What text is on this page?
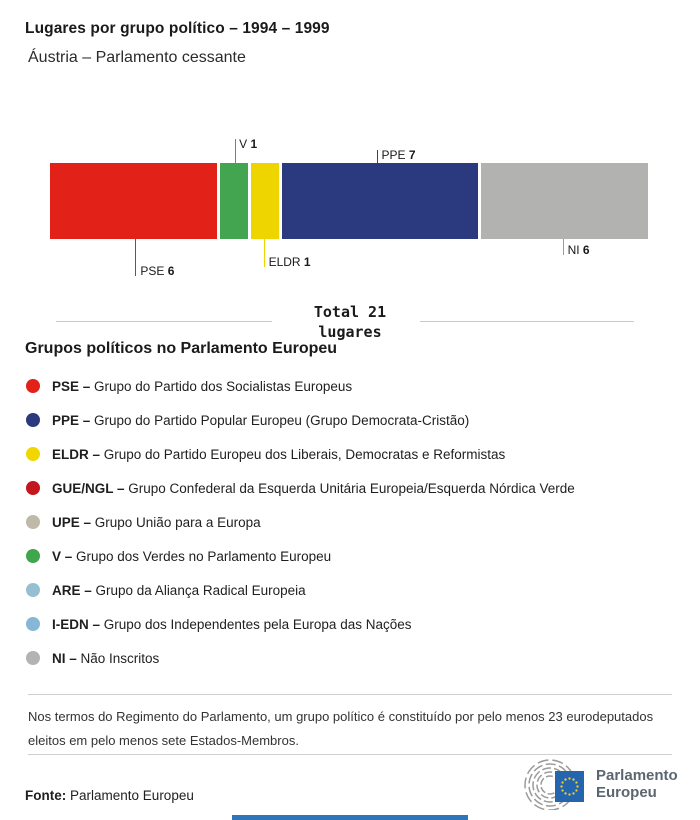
Lugares por grupo político – 1994 – 1999
Áustria – Parlamento cessante
PSE 6
V 1
ELDR 1
PPE 7
NI 6
Total 21
lugares
Grupos políticos no Parlamento Europeu
PSE – Grupo do Partido dos Socialistas Europeus
PPE – Grupo do Partido Popular Europeu (Grupo Democrata-Cristão)
ELDR – Grupo do Partido Europeu dos Liberais, Democratas e Reformistas
GUE/NGL – Grupo Confederal da Esquerda Unitária Europeia/Esquerda Nórdica Verde
UPE – Grupo União para a Europa
V – Grupo dos Verdes no Parlamento Europeu
ARE – Grupo da Aliança Radical Europeia
I-EDN – Grupo dos Independentes pela Europa das Nações
NI – Não Inscritos
Nos termos do Regimento do Parlamento, um grupo político é constituído por pelo menos 23 eurodeputados eleitos em pelo menos sete Estados-Membros.
Fonte: Parlamento Europeu
Parlamento
Europeu
